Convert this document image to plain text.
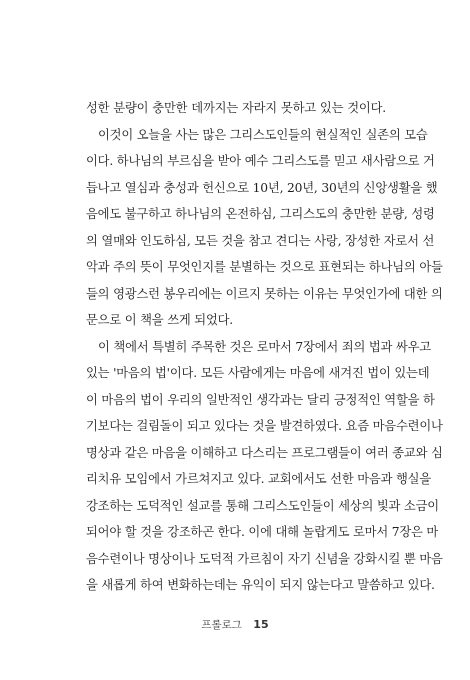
성한 분량이 충만한 데까지는 자라지 못하고 있는 것이다.
이것이 오늘을 사는 많은 그리스도인들의 현실적인 실존의 모습
이다. 하나님의 부르심을 받아 예수 그리스도를 믿고 새사람으로 거
듭나고 열심과 충성과 헌신으로 10년, 20년, 30년의 신앙생활을 했
음에도 불구하고 하나님의 온전하심, 그리스도의 충만한 분량, 성령
의 열매와 인도하심, 모든 것을 참고 견디는 사랑, 장성한 자로서 선
악과 주의 뜻이 무엇인지를 분별하는 것으로 표현되는 하나님의 아들
들의 영광스런 봉우리에는 이르지 못하는 이유는 무엇인가에 대한 의
문으로 이 책을 쓰게 되었다.
이 책에서 특별히 주목한 것은 로마서 7장에서 죄의 법과 싸우고
있는 '마음의 법'이다. 모든 사람에게는 마음에 새겨진 법이 있는데
이 마음의 법이 우리의 일반적인 생각과는 달리 긍정적인 역할을 하
기보다는 걸림돌이 되고 있다는 것을 발견하였다. 요즘 마음수련이나
명상과 같은 마음을 이해하고 다스리는 프로그램들이 여러 종교와 심
리치유 모임에서 가르쳐지고 있다. 교회에서도 선한 마음과 행실을
강조하는 도덕적인 설교를 통해 그리스도인들이 세상의 빛과 소금이
되어야 할 것을 강조하곤 한다. 이에 대해 놀랍게도 로마서 7장은 마
음수련이나 명상이나 도덕적 가르침이 자기 신념을 강화시킬 뿐 마음
을 새롭게 하여 변화하는데는 유익이 되지 않는다고 말씀하고 있다.
프롤로그 15
